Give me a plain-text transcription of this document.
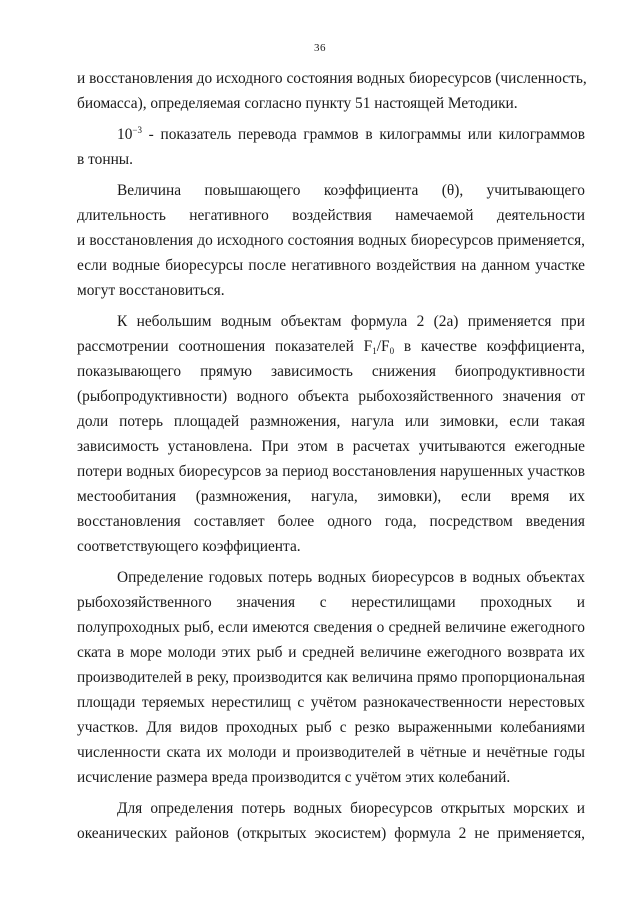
36
и восстановления до исходного состояния водных биоресурсов (численность,
биомасса), определяемая согласно пункту 51 настоящей Методики.
$10^{-3}$ - показатель перевода граммов в килограммы или килограммов
в тонны.
Величина повышающего коэффициента (θ), учитывающего
длительность негативного воздействия намечаемой деятельности
и восстановления до исходного состояния водных биоресурсов применяется,
если водные биоресурсы после негативного воздействия на данном участке
могут восстановиться.
К небольшим водным объектам формула 2 (2а) применяется при
рассмотрении соотношения показателей $F_1/F_0$ в качестве коэффициента,
показывающего прямую зависимость снижения биопродуктивности
(рыбопродуктивности) водного объекта рыбохозяйственного значения от
доли потерь площадей размножения, нагула или зимовки, если такая
зависимость установлена. При этом в расчетах учитываются ежегодные
потери водных биоресурсов за период восстановления нарушенных участков
местообитания (размножения, нагула, зимовки), если время их
восстановления составляет более одного года, посредством введения
соответствующего коэффициента.
Определение годовых потерь водных биоресурсов в водных объектах
рыбохозяйственного значения с нерестилищами проходных и
полупроходных рыб, если имеются сведения о средней величине ежегодного
ската в море молоди этих рыб и средней величине ежегодного возврата их
производителей в реку, производится как величина прямо пропорциональная
площади теряемых нерестилищ с учётом разнокачественности нерестовых
участков. Для видов проходных рыб с резко выраженными колебаниями
численности ската их молоди и производителей в чётные и нечётные годы
исчисление размера вреда производится с учётом этих колебаний.
Для определения потерь водных биоресурсов открытых морских и
океанических районов (открытых экосистем) формула 2 не применяется,
